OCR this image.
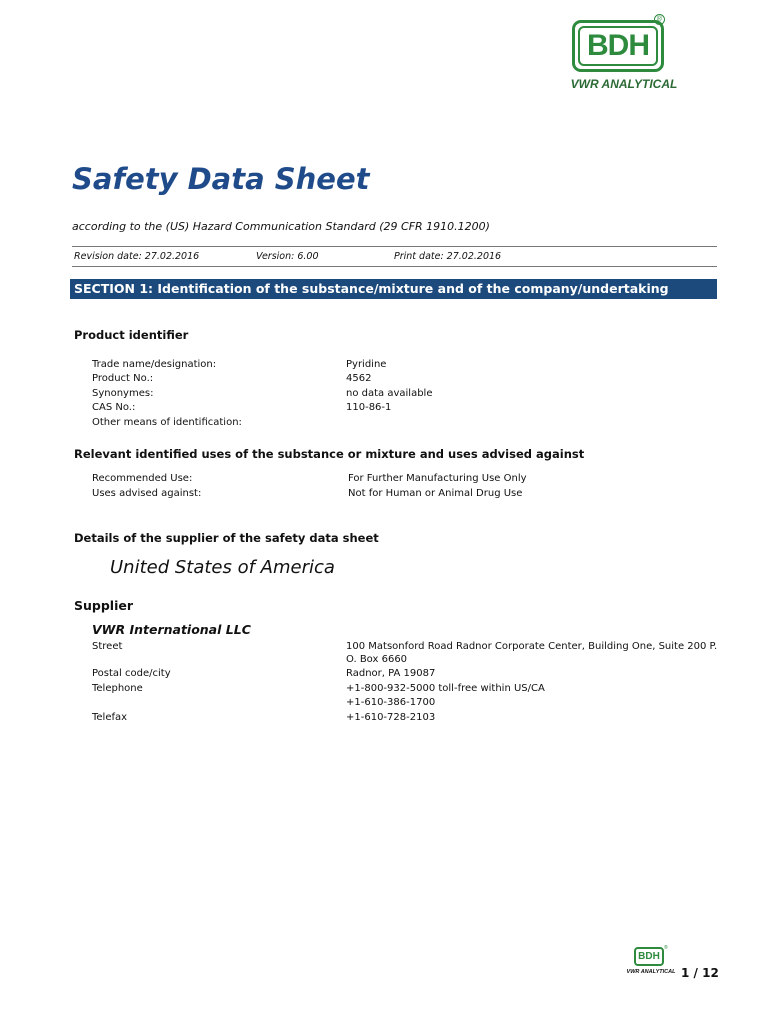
BDH
®
VWR ANALYTICAL
Safety Data Sheet
according to the (US) Hazard Communication Standard (29 CFR 1910.1200)
Revision date: 27.02.2016	Version: 6.00	Print date: 27.02.2016
SECTION 1: Identification of the substance/mixture and of the company/undertaking
Product identifier
Trade name/designation:	Pyridine
Product No.:	4562
Synonymes:	no data available
CAS No.:	110-86-1
Other means of identification:
Relevant identified uses of the substance or mixture and uses advised against
Recommended Use:	For Further Manufacturing Use Only
Uses advised against:	Not for Human or Animal Drug Use
Details of the supplier of the safety data sheet
United States of America
Supplier
VWR International LLC
Street	100 Matsonford Road Radnor Corporate Center, Building One, Suite 200 P.
O. Box 6660
Postal code/city	Radnor, PA 19087
Telephone	+1-800-932-5000 toll-free within US/CA
+1-610-386-1700
Telefax	+1-610-728-2103
BDH
®
VWR ANALYTICAL 1 / 12
